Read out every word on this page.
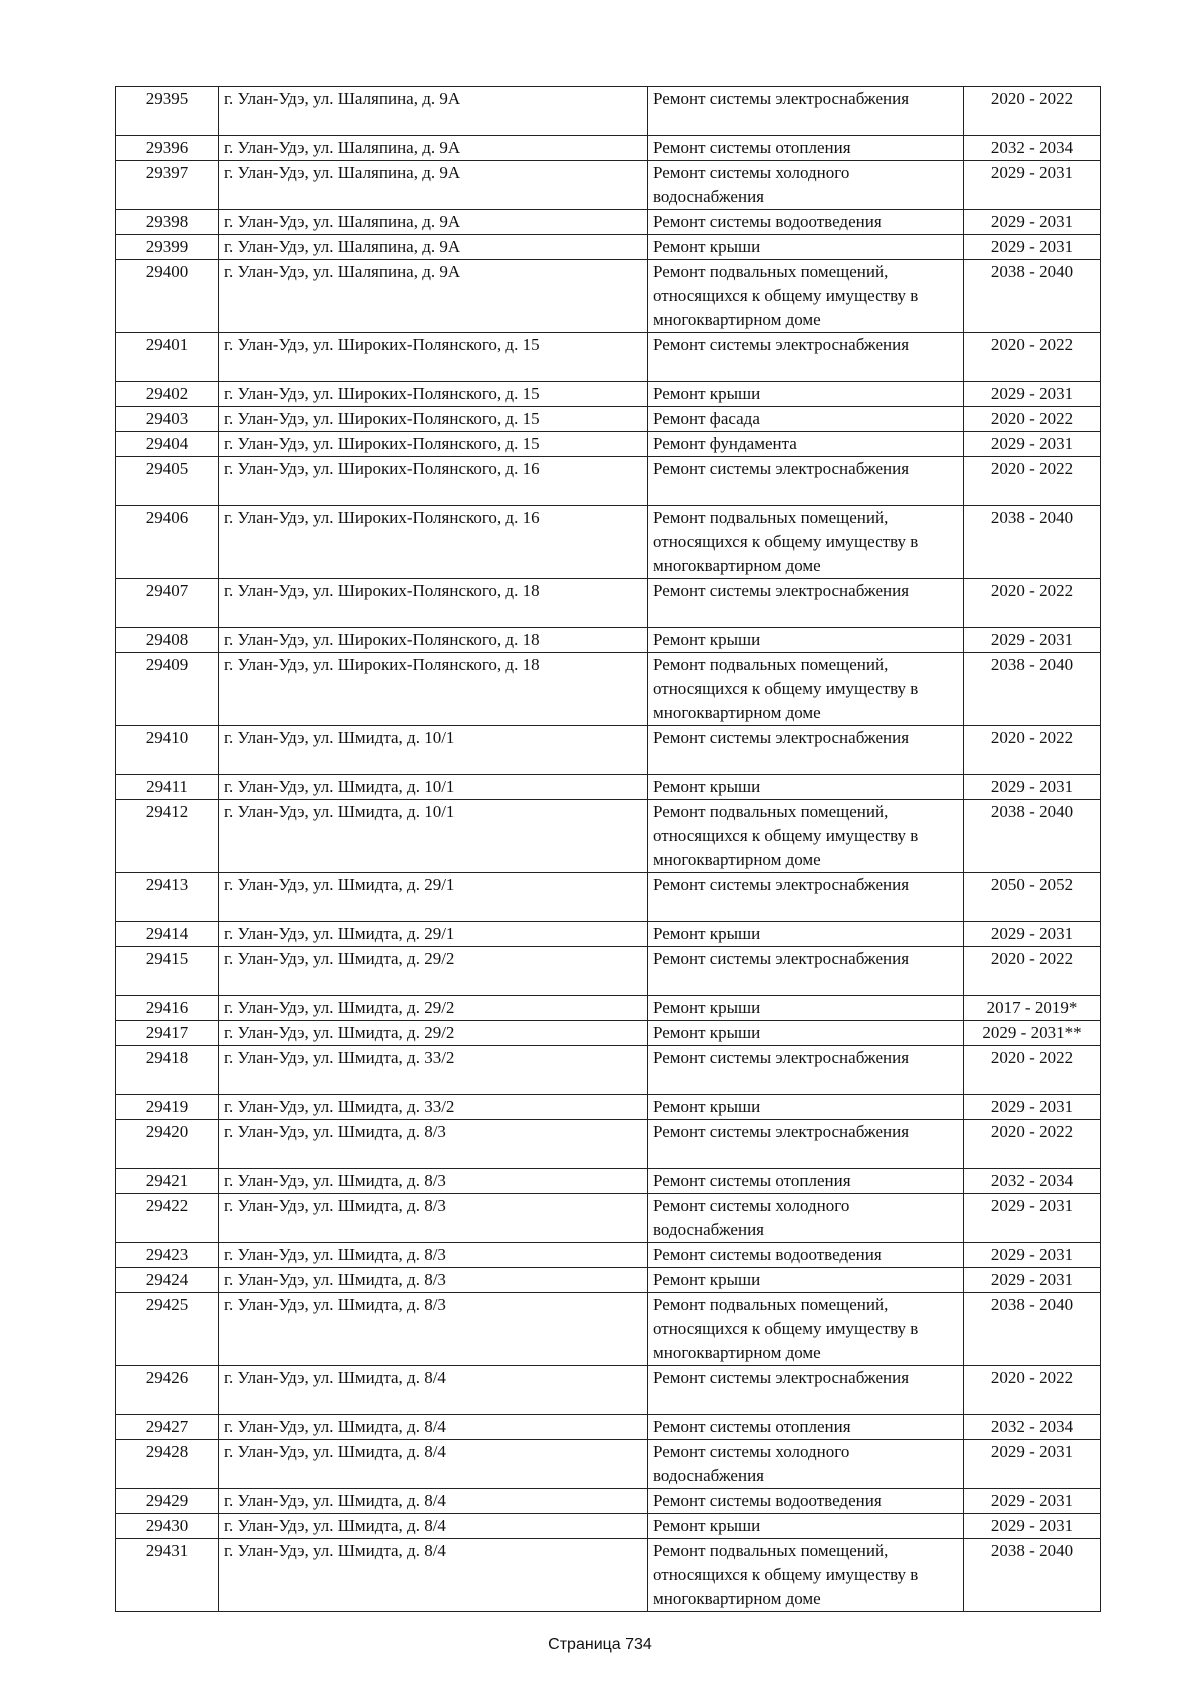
29395	г. Улан-Удэ, ул. Шаляпина, д. 9А	Ремонт системы электроснабжения	2020 - 2022
29396	г. Улан-Удэ, ул. Шаляпина, д. 9А	Ремонт системы отопления	2032 - 2034
29397	г. Улан-Удэ, ул. Шаляпина, д. 9А	Ремонт системы холодного водоснабжения	2029 - 2031
29398	г. Улан-Удэ, ул. Шаляпина, д. 9А	Ремонт системы водоотведения	2029 - 2031
29399	г. Улан-Удэ, ул. Шаляпина, д. 9А	Ремонт крыши	2029 - 2031
29400	г. Улан-Удэ, ул. Шаляпина, д. 9А	Ремонт подвальных помещений, относящихся к общему имуществу в многоквартирном доме	2038 - 2040
29401	г. Улан-Удэ, ул. Широких-Полянского, д. 15	Ремонт системы электроснабжения	2020 - 2022
29402	г. Улан-Удэ, ул. Широких-Полянского, д. 15	Ремонт крыши	2029 - 2031
29403	г. Улан-Удэ, ул. Широких-Полянского, д. 15	Ремонт фасада	2020 - 2022
29404	г. Улан-Удэ, ул. Широких-Полянского, д. 15	Ремонт фундамента	2029 - 2031
29405	г. Улан-Удэ, ул. Широких-Полянского, д. 16	Ремонт системы электроснабжения	2020 - 2022
29406	г. Улан-Удэ, ул. Широких-Полянского, д. 16	Ремонт подвальных помещений, относящихся к общему имуществу в многоквартирном доме	2038 - 2040
29407	г. Улан-Удэ, ул. Широких-Полянского, д. 18	Ремонт системы электроснабжения	2020 - 2022
29408	г. Улан-Удэ, ул. Широких-Полянского, д. 18	Ремонт крыши	2029 - 2031
29409	г. Улан-Удэ, ул. Широких-Полянского, д. 18	Ремонт подвальных помещений, относящихся к общему имуществу в многоквартирном доме	2038 - 2040
29410	г. Улан-Удэ, ул. Шмидта, д. 10/1	Ремонт системы электроснабжения	2020 - 2022
29411	г. Улан-Удэ, ул. Шмидта, д. 10/1	Ремонт крыши	2029 - 2031
29412	г. Улан-Удэ, ул. Шмидта, д. 10/1	Ремонт подвальных помещений, относящихся к общему имуществу в многоквартирном доме	2038 - 2040
29413	г. Улан-Удэ, ул. Шмидта, д. 29/1	Ремонт системы электроснабжения	2050 - 2052
29414	г. Улан-Удэ, ул. Шмидта, д. 29/1	Ремонт крыши	2029 - 2031
29415	г. Улан-Удэ, ул. Шмидта, д. 29/2	Ремонт системы электроснабжения	2020 - 2022
29416	г. Улан-Удэ, ул. Шмидта, д. 29/2	Ремонт крыши	2017 - 2019*
29417	г. Улан-Удэ, ул. Шмидта, д. 29/2	Ремонт крыши	2029 - 2031**
29418	г. Улан-Удэ, ул. Шмидта, д. 33/2	Ремонт системы электроснабжения	2020 - 2022
29419	г. Улан-Удэ, ул. Шмидта, д. 33/2	Ремонт крыши	2029 - 2031
29420	г. Улан-Удэ, ул. Шмидта, д. 8/3	Ремонт системы электроснабжения	2020 - 2022
29421	г. Улан-Удэ, ул. Шмидта, д. 8/3	Ремонт системы отопления	2032 - 2034
29422	г. Улан-Удэ, ул. Шмидта, д. 8/3	Ремонт системы холодного водоснабжения	2029 - 2031
29423	г. Улан-Удэ, ул. Шмидта, д. 8/3	Ремонт системы водоотведения	2029 - 2031
29424	г. Улан-Удэ, ул. Шмидта, д. 8/3	Ремонт крыши	2029 - 2031
29425	г. Улан-Удэ, ул. Шмидта, д. 8/3	Ремонт подвальных помещений, относящихся к общему имуществу в многоквартирном доме	2038 - 2040
29426	г. Улан-Удэ, ул. Шмидта, д. 8/4	Ремонт системы электроснабжения	2020 - 2022
29427	г. Улан-Удэ, ул. Шмидта, д. 8/4	Ремонт системы отопления	2032 - 2034
29428	г. Улан-Удэ, ул. Шмидта, д. 8/4	Ремонт системы холодного водоснабжения	2029 - 2031
29429	г. Улан-Удэ, ул. Шмидта, д. 8/4	Ремонт системы водоотведения	2029 - 2031
29430	г. Улан-Удэ, ул. Шмидта, д. 8/4	Ремонт крыши	2029 - 2031
29431	г. Улан-Удэ, ул. Шмидта, д. 8/4	Ремонт подвальных помещений, относящихся к общему имуществу в многоквартирном доме	2038 - 2040
Страница 734
